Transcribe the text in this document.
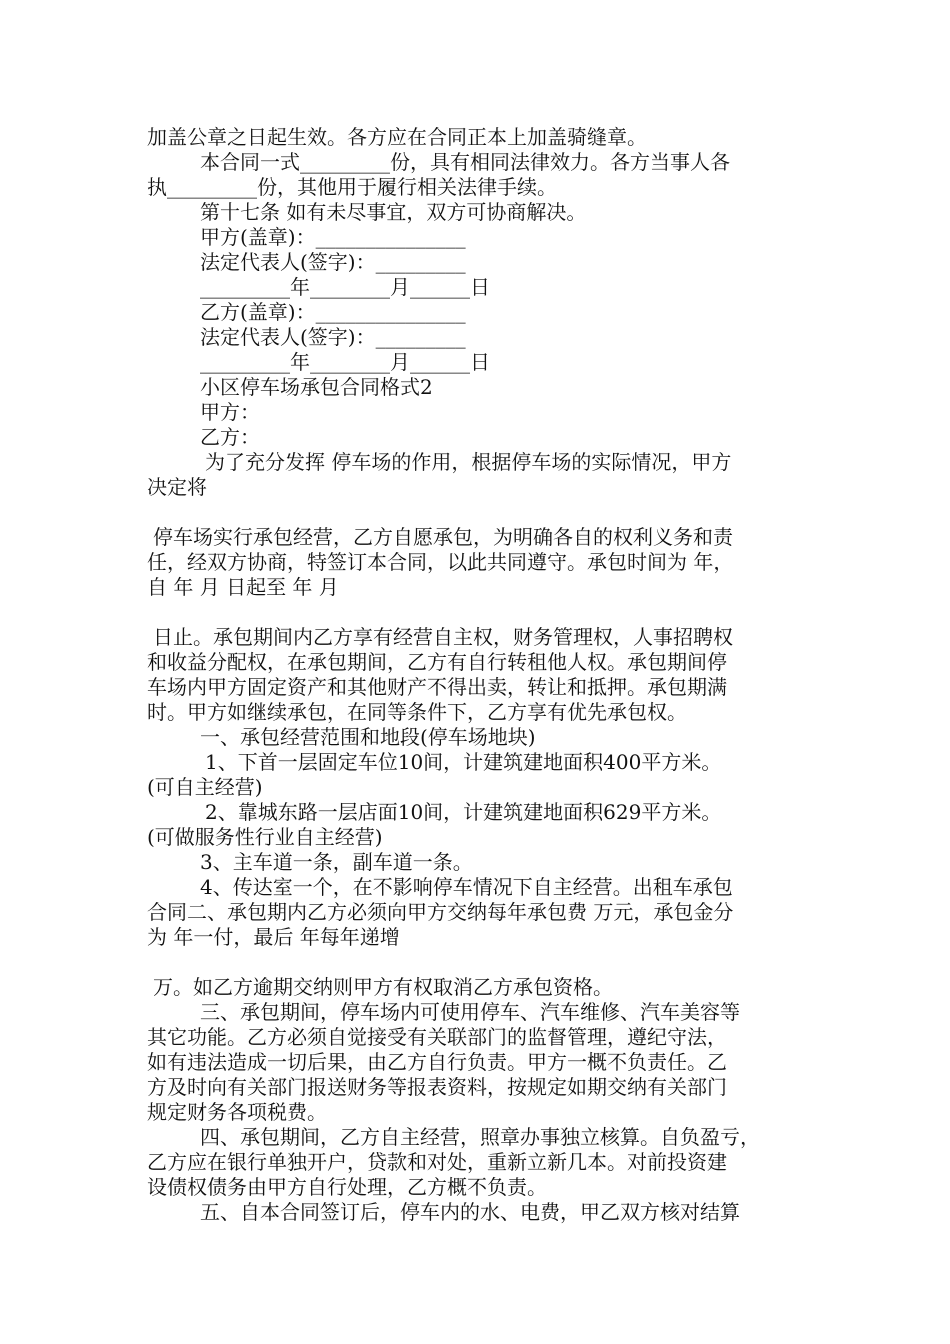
加盖公章之日起生效。各方应在合同正本上加盖骑缝章。
本合同一式_________份，具有相同法律效力。各方当事人各
执_________份，其他用于履行相关法律手续。
第十七条 如有未尽事宜，双方可协商解决。
甲方(盖章)：_______________
法定代表人(签字)：_________
_________年________月______日
乙方(盖章)：_______________
法定代表人(签字)：_________
_________年________月______日
小区停车场承包合同格式2
甲方：
乙方：
为了充分发挥 停车场的作用，根据停车场的实际情况，甲方
决定将
停车场实行承包经营，乙方自愿承包，为明确各自的权利义务和责
任，经双方协商，特签订本合同，以此共同遵守。承包时间为 年，
自 年 月 日起至 年 月
日止。承包期间内乙方享有经营自主权，财务管理权，人事招聘权
和收益分配权，在承包期间，乙方有自行转租他人权。承包期间停
车场内甲方固定资产和其他财产不得出卖，转让和抵押。承包期满
时。甲方如继续承包，在同等条件下，乙方享有优先承包权。
一、承包经营范围和地段(停车场地块)
1、下首一层固定车位10间，计建筑建地面积400平方米。
(可自主经营)
2、靠城东路一层店面10间，计建筑建地面积629平方米。
(可做服务性行业自主经营)
3、主车道一条，副车道一条。
4、传达室一个，在不影响停车情况下自主经营。出租车承包
合同二、承包期内乙方必须向甲方交纳每年承包费 万元，承包金分
为 年一付，最后 年每年递增
万。如乙方逾期交纳则甲方有权取消乙方承包资格。
三、承包期间，停车场内可使用停车、汽车维修、汽车美容等
其它功能。乙方必须自觉接受有关联部门的监督管理，遵纪守法，
如有违法造成一切后果，由乙方自行负责。甲方一概不负责任。乙
方及时向有关部门报送财务等报表资料，按规定如期交纳有关部门
规定财务各项税费。
四、承包期间，乙方自主经营，照章办事独立核算。自负盈亏，
乙方应在银行单独开户，贷款和对处，重新立新几本。对前投资建
设债权债务由甲方自行处理，乙方概不负责。
五、自本合同签订后，停车内的水、电费，甲乙双方核对结算
